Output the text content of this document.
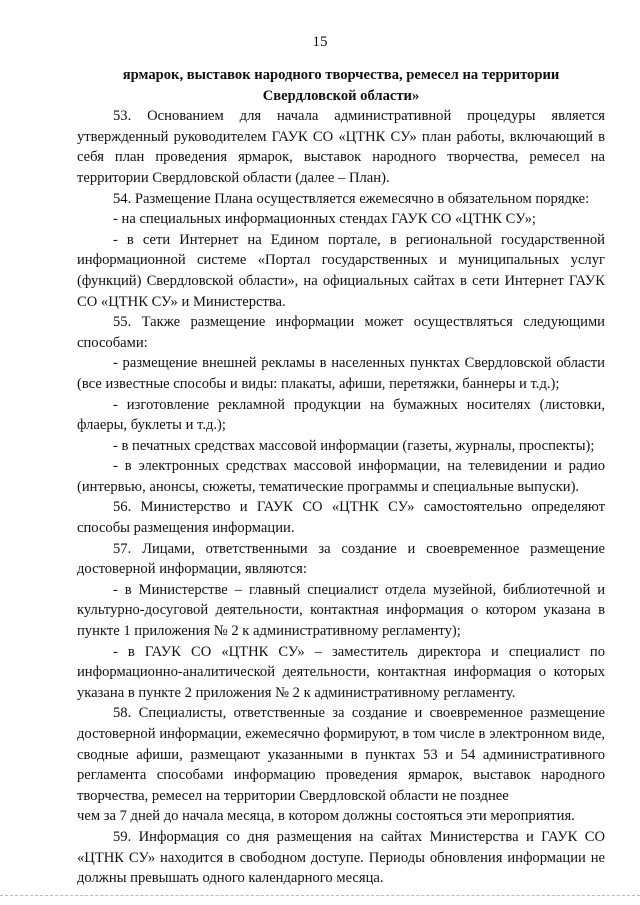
15

ярмарок, выставок народного творчества, ремесел на территории Свердловской области»

53. Основанием для начала административной процедуры является утвержденный руководителем ГАУК СО «ЦТНК СУ» план работы, включающий в себя план проведения ярмарок, выставок народного творчества, ремесел на территории Свердловской области (далее – План).

54. Размещение Плана осуществляется ежемесячно в обязательном порядке:

- на специальных информационных стендах ГАУК СО «ЦТНК СУ»;

- в сети Интернет на Едином портале, в региональной государственной информационной системе «Портал государственных и муниципальных услуг (функций) Свердловской области», на официальных сайтах в сети Интернет ГАУК СО «ЦТНК СУ» и Министерства.

55. Также размещение информации может осуществляться следующими способами:

- размещение внешней рекламы в населенных пунктах Свердловской области (все известные способы и виды: плакаты, афиши, перетяжки, баннеры и т.д.);

- изготовление рекламной продукции на бумажных носителях (листовки, флаеры, буклеты и т.д.);

- в печатных средствах массовой информации (газеты, журналы, проспекты);

- в электронных средствах массовой информации, на телевидении и радио (интервью, анонсы, сюжеты, тематические программы и специальные выпуски).

56. Министерство и ГАУК СО «ЦТНК СУ» самостоятельно определяют способы размещения информации.

57. Лицами, ответственными за создание и своевременное размещение достоверной информации, являются:

- в Министерстве – главный специалист отдела музейной, библиотечной и культурно-досуговой деятельности, контактная информация о котором указана в пункте 1 приложения № 2 к административному регламенту);

- в ГАУК СО «ЦТНК СУ» – заместитель директора и специалист по информационно-аналитической деятельности, контактная информация о которых указана в пункте 2 приложения № 2 к административному регламенту.

58. Специалисты, ответственные за создание и своевременное размещение достоверной информации, ежемесячно формируют, в том числе в электронном виде, сводные афиши, размещают указанными в пунктах 53 и 54 административного регламента способами информацию проведения ярмарок, выставок народного творчества, ремесел на территории Свердловской области не позднее

чем за 7 дней до начала месяца, в котором должны состояться эти мероприятия.

59. Информация со дня размещения на сайтах Министерства и ГАУК СО «ЦТНК СУ» находится в свободном доступе. Периоды обновления информации не должны превышать одного календарного месяца.
